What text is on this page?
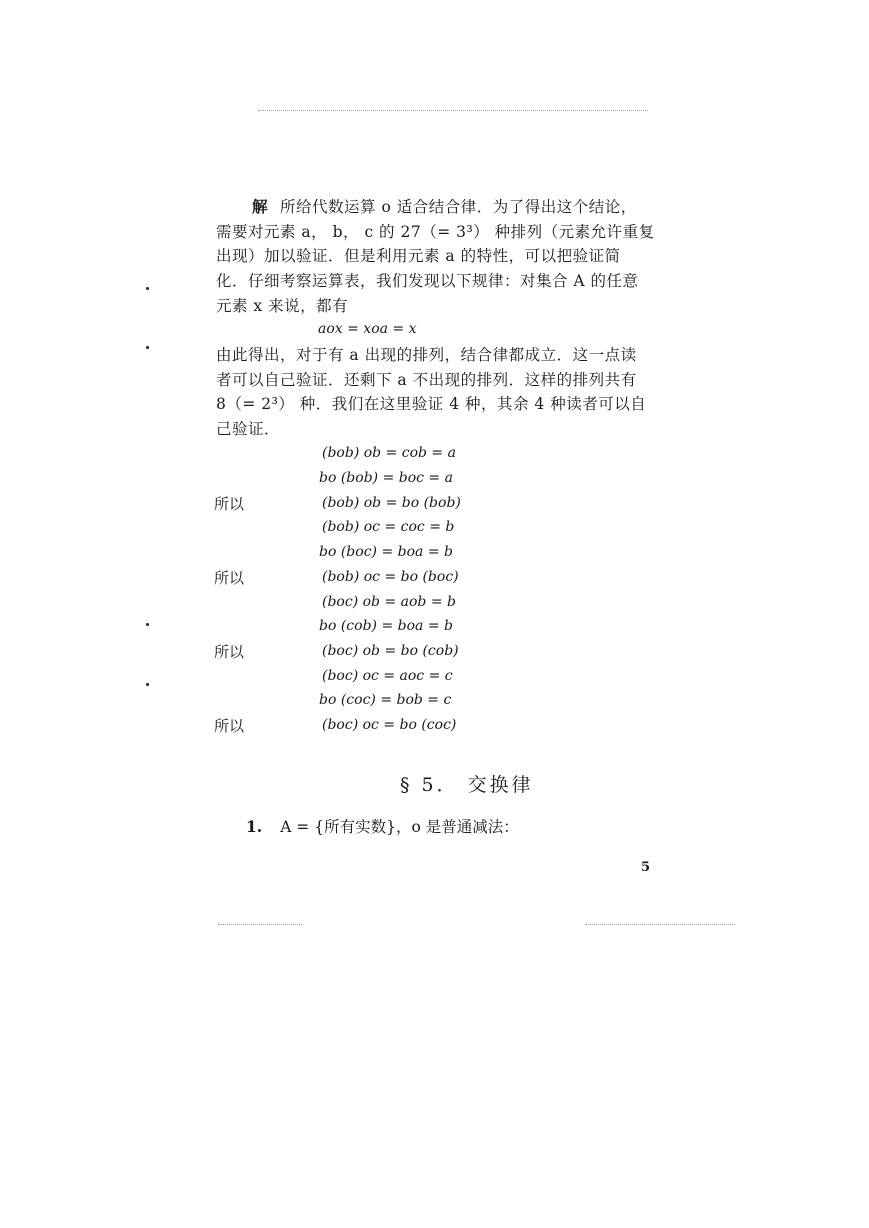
解 所给代数运算 o 适合结合律．为了得出这个结论，
需要对元素 a， b， c 的 27（= 3³） 种排列（元素允许重复
出现）加以验证．但是利用元素 a 的特性，可以把验证简
化．仔细考察运算表，我们发现以下规律：对集合 A 的任意
元素 x 来说，都有
aox = xoa = x
由此得出，对于有 a 出现的排列，结合律都成立．这一点读
者可以自己验证．还剩下 a 不出现的排列．这样的排列共有
8（= 2³） 种．我们在这里验证 4 种，其余 4 种读者可以自
己验证．
(bob) ob = cob = a
bo (bob) = boc = a
所以	(bob) ob = bo (bob)
(bob) oc = coc = b
bo (boc) = boa = b
所以	(bob) oc = bo (boc)
(boc) ob = aob = b
bo (cob) = boa = b
所以	(boc) ob = bo (cob)
(boc) oc = aoc = c
bo (coc) = bob = c
所以	(boc) oc = bo (coc)
§ 5． 交换律
1. A = {所有实数}，o 是普通减法：
5
